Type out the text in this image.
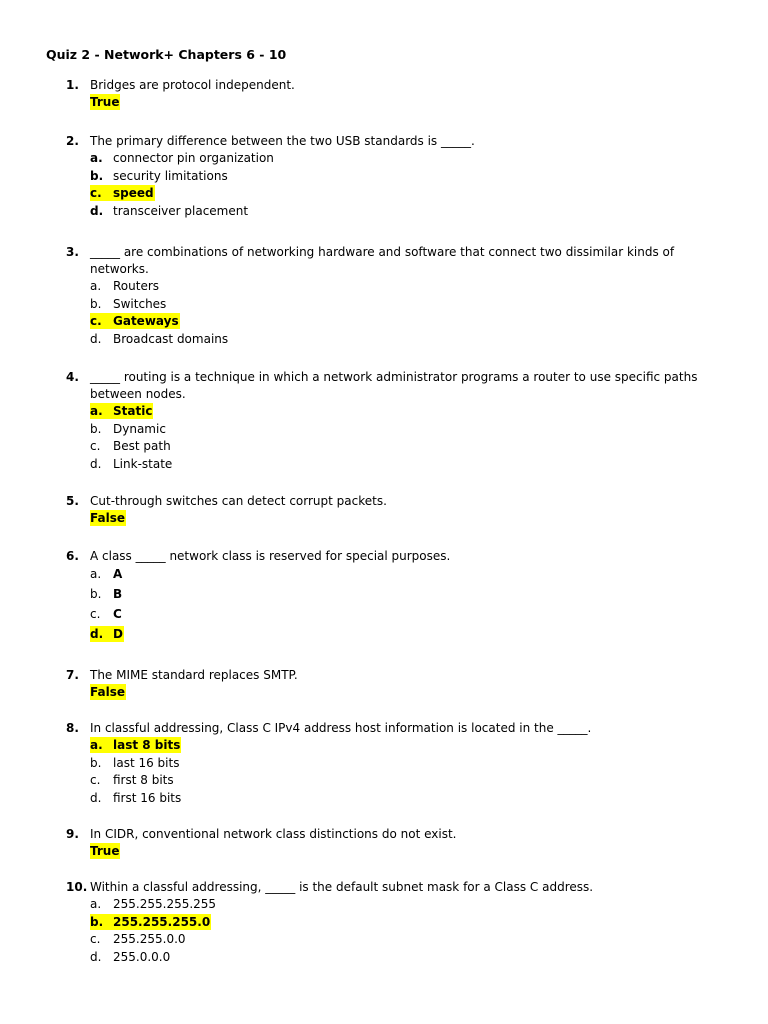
Quiz 2 - Network+ Chapters 6 - 10
1. Bridges are protocol independent.
True
2. The primary difference between the two USB standards is _____.
a. connector pin organization
b. security limitations
c. speed
d. transceiver placement
3. _____ are combinations of networking hardware and software that connect two dissimilar kinds of
networks.
a. Routers
b. Switches
c. Gateways
d. Broadcast domains
4. _____ routing is a technique in which a network administrator programs a router to use specific paths
between nodes.
a. Static
b. Dynamic
c. Best path
d. Link-state
5. Cut-through switches can detect corrupt packets.
False
6. A class _____ network class is reserved for special purposes.
a. A
b. B
c. C
d. D
7. The MIME standard replaces SMTP.
False
8. In classful addressing, Class C IPv4 address host information is located in the _____.
a. last 8 bits
b. last 16 bits
c. first 8 bits
d. first 16 bits
9. In CIDR, conventional network class distinctions do not exist.
True
10. Within a classful addressing, _____ is the default subnet mask for a Class C address.
a. 255.255.255.255
b. 255.255.255.0
c. 255.255.0.0
d. 255.0.0.0
